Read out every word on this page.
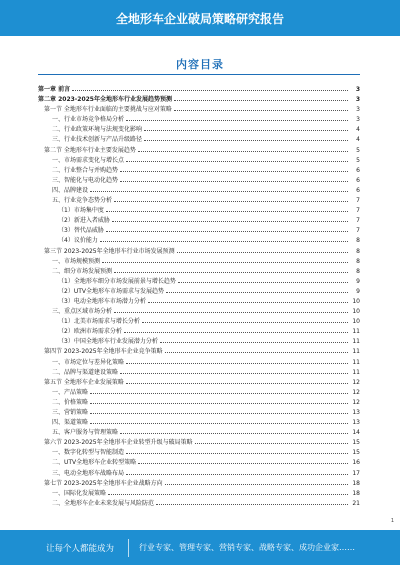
全地形车企业破局策略研究报告
内容目录
第一章 前言	3
第二章 2023-2025年全地形车行业发展趋势预测	3
第一节 全地形车行业面临的主要挑战与应对策略	3
一、行业市场竞争格局分析	3
二、行业政策环境与法规变化影响	4
三、行业技术创新与产品升级路径	4
第二节 全地形车行业主要发展趋势	5
一、市场需求变化与增长点	5
二、行业整合与并购趋势	6
三、智能化与电动化趋势	6
四、品牌建设	6
五、行业竞争态势分析	7
（1）市场集中度	7
（2）新进入者威胁	7
（3）替代品威胁	7
（4）议价能力	8
第三节 2023-2025年全地形车行业市场发展预测	8
一、市场规模预测	8
二、细分市场发展预测	8
（1）全地形车细分市场发展前景与增长趋势	9
（2）UTV全地形车市场需求与发展趋势	9
（3）电动全地形车市场潜力分析	10
三、重点区域市场分析	10
（1）北美市场需求与增长分析	10
（2）欧洲市场需求分析	11
（3）中国全地形车行业发展潜力分析	11
第四节 2023-2025年全地形车企业竞争策略	11
一、市场定位与差异化策略	11
二、品牌与渠道建设策略	11
第五节 全地形车企业发展策略	12
一、产品策略	12
二、价格策略	12
三、营销策略	13
四、渠道策略	13
五、客户服务与管理策略	14
第六节 2023-2025年全地形车企业转型升级与破局策略	15
一、数字化转型与智能制造	15
二、UTV全地形车企业转型策略	16
三、电动全地形车战略布局	17
第七节 2023-2025年全地形车企业战略方向	18
一、国际化发展策略	18
二、全地形车企业未来发展与风险防范	21
1
让每个人都能成为	行业专家、管理专家、营销专家、战略专家、成功企业家……
